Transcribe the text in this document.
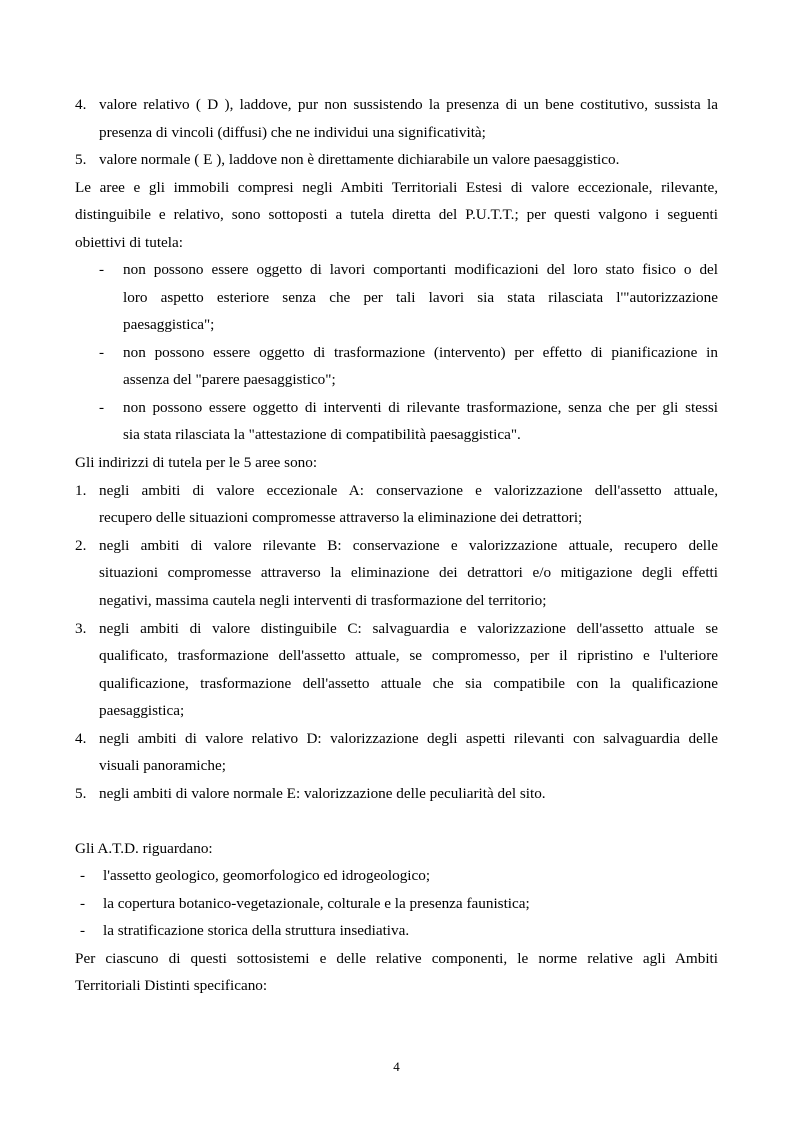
4. valore relativo ( D ), laddove, pur non sussistendo la presenza di un bene costitutivo, sussista la
presenza di vincoli (diffusi) che ne individui una significatività;
5. valore normale ( E ), laddove non è direttamente dichiarabile un valore paesaggistico.
Le aree e gli immobili compresi negli Ambiti Territoriali Estesi di valore eccezionale, rilevante,
distinguibile e relativo, sono sottoposti a tutela diretta del P.U.T.T.; per questi valgono i seguenti
obiettivi di tutela:
- non possono essere oggetto di lavori comportanti modificazioni del loro stato fisico o del
loro aspetto esteriore senza che per tali lavori sia stata rilasciata l'"autorizzazione
paesaggistica";
- non possono essere oggetto di trasformazione (intervento) per effetto di pianificazione in
assenza del "parere paesaggistico";
- non possono essere oggetto di interventi di rilevante trasformazione, senza che per gli stessi
sia stata rilasciata la "attestazione di compatibilità paesaggistica".
Gli indirizzi di tutela per le 5 aree sono:
1. negli ambiti di valore eccezionale A: conservazione e valorizzazione dell'assetto attuale,
recupero delle situazioni compromesse attraverso la eliminazione dei detrattori;
2. negli ambiti di valore rilevante B: conservazione e valorizzazione attuale, recupero delle
situazioni compromesse attraverso la eliminazione dei detrattori e/o mitigazione degli effetti
negativi, massima cautela negli interventi di trasformazione del territorio;
3. negli ambiti di valore distinguibile C: salvaguardia e valorizzazione dell'assetto attuale se
qualificato, trasformazione dell'assetto attuale, se compromesso, per il ripristino e l'ulteriore
qualificazione, trasformazione dell'assetto attuale che sia compatibile con la qualificazione
paesaggistica;
4. negli ambiti di valore relativo D: valorizzazione degli aspetti rilevanti con salvaguardia delle
visuali panoramiche;
5. negli ambiti di valore normale E: valorizzazione delle peculiarità del sito.
Gli A.T.D. riguardano:
- l'assetto geologico, geomorfologico ed idrogeologico;
- la copertura botanico-vegetazionale, colturale e la presenza faunistica;
- la stratificazione storica della struttura insediativa.
Per ciascuno di questi sottosistemi e delle relative componenti, le norme relative agli Ambiti
Territoriali Distinti specificano:
4
